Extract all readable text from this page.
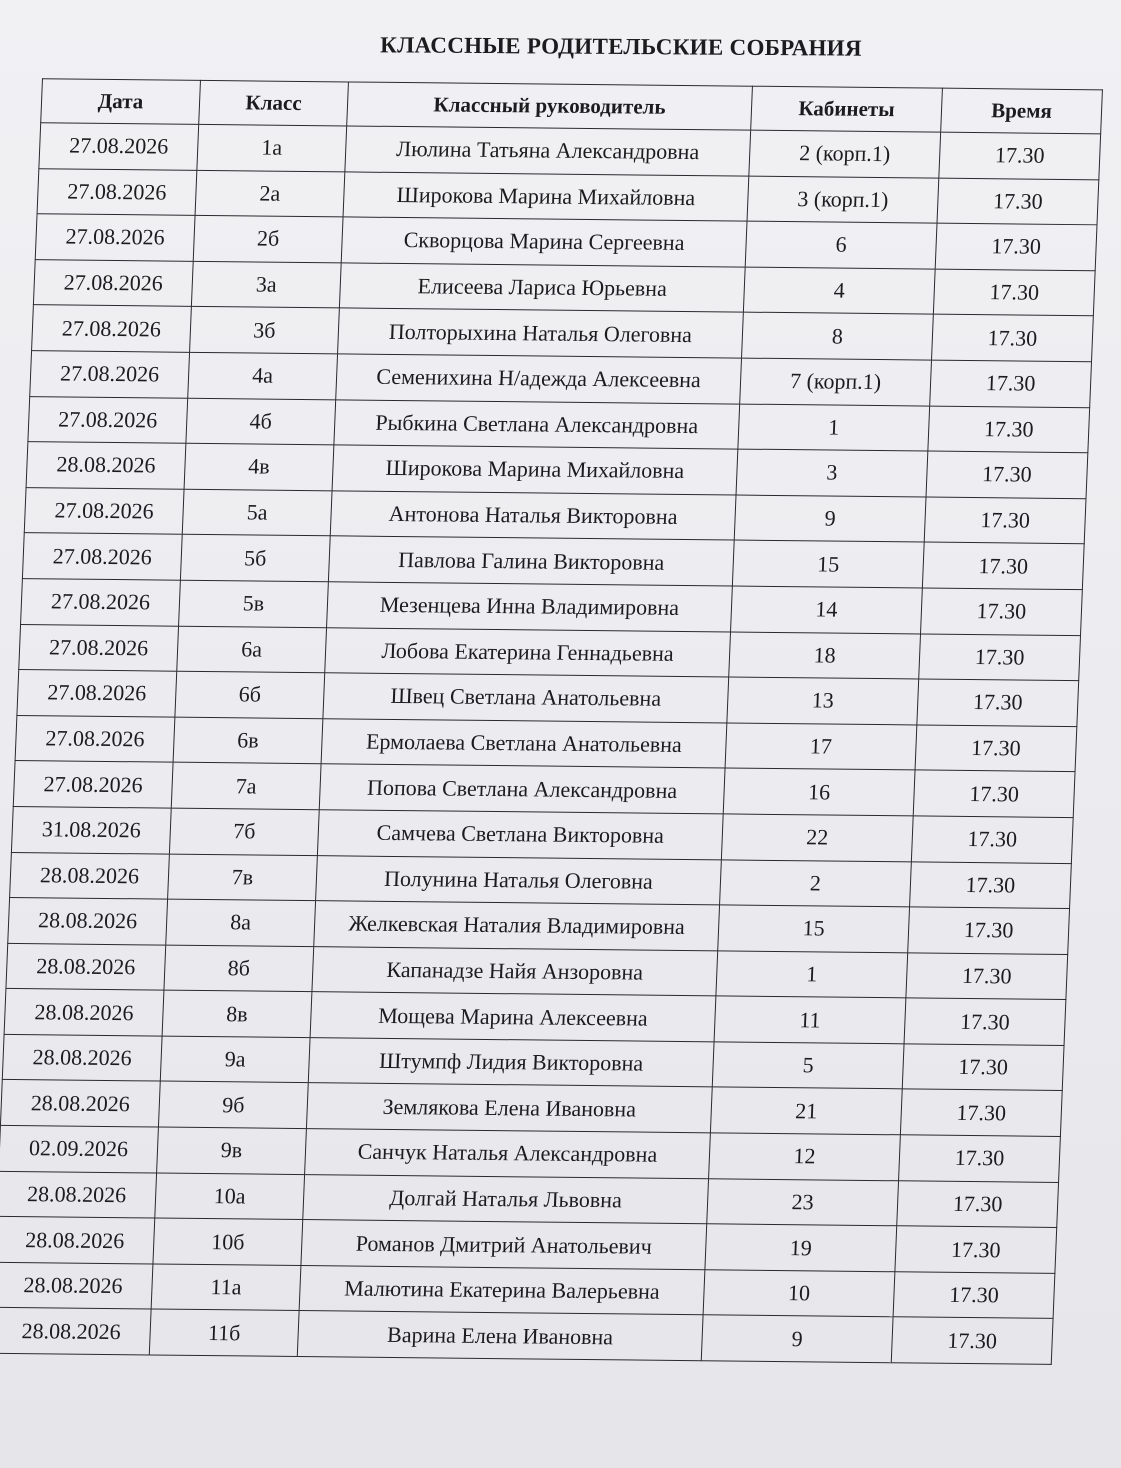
КЛАССНЫЕ РОДИТЕЛЬСКИЕ СОБРАНИЯ
Дата	Класс	Классный руководитель	Кабинеты	Время
27.08.2026	1а	Люлина Татьяна Александровна	2 (корп.1)	17.30
27.08.2026	2а	Широкова Марина Михайловна	3 (корп.1)	17.30
27.08.2026	2б	Скворцова Марина Сергеевна	6	17.30
27.08.2026	3а	Елисеева Лариса Юрьевна	4	17.30
27.08.2026	3б	Полторыхина Наталья Олеговна	8	17.30
27.08.2026	4а	Семенихина Н/адежда Алексеевна	7 (корп.1)	17.30
27.08.2026	4б	Рыбкина Светлана Александровна	1	17.30
28.08.2026	4в	Широкова Марина Михайловна	3	17.30
27.08.2026	5а	Антонова Наталья Викторовна	9	17.30
27.08.2026	5б	Павлова Галина Викторовна	15	17.30
27.08.2026	5в	Мезенцева Инна Владимировна	14	17.30
27.08.2026	6а	Лобова Екатерина Геннадьевна	18	17.30
27.08.2026	6б	Швец Светлана Анатольевна	13	17.30
27.08.2026	6в	Ермолаева Светлана Анатольевна	17	17.30
27.08.2026	7а	Попова Светлана Александровна	16	17.30
31.08.2026	7б	Самчева Светлана Викторовна	22	17.30
28.08.2026	7в	Полунина Наталья Олеговна	2	17.30
28.08.2026	8а	Желкевская Наталия Владимировна	15	17.30
28.08.2026	8б	Капанадзе Найя Анзоровна	1	17.30
28.08.2026	8в	Мощева Марина Алексеевна	11	17.30
28.08.2026	9а	Штумпф Лидия Викторовна	5	17.30
28.08.2026	9б	Землякова Елена Ивановна	21	17.30
02.09.2026	9в	Санчук Наталья Александровна	12	17.30
28.08.2026	10а	Долгай Наталья Львовна	23	17.30
28.08.2026	10б	Романов Дмитрий Анатольевич	19	17.30
28.08.2026	11а	Малютина Екатерина Валерьевна	10	17.30
28.08.2026	11б	Варина Елена Ивановна	9	17.30
